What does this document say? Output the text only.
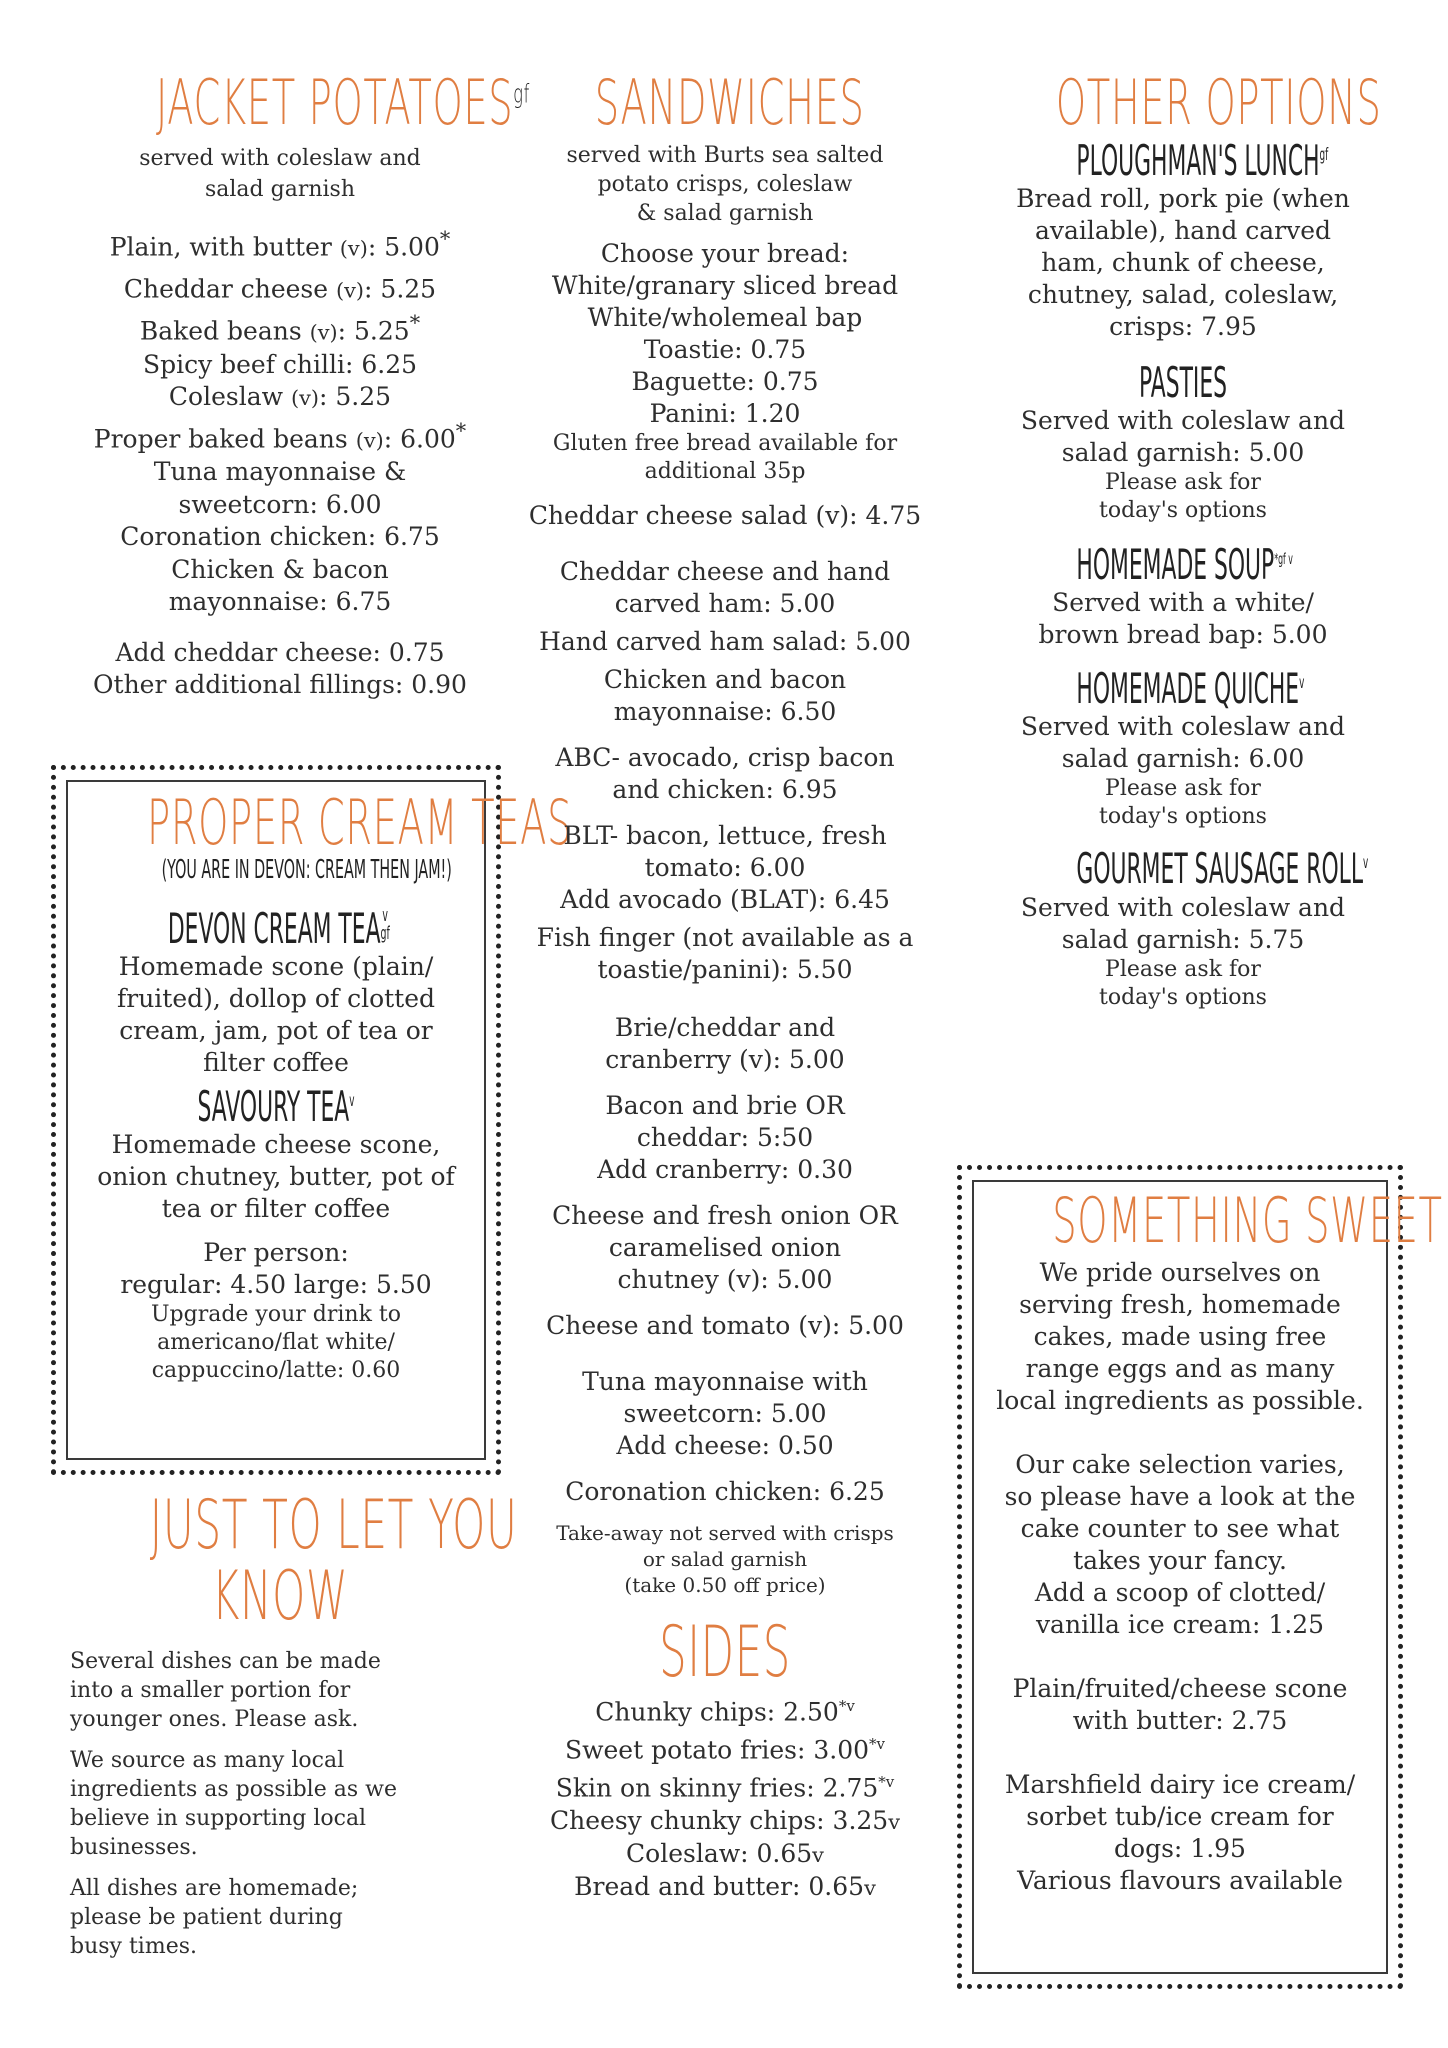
JACKET $POTATOES^{gf}$
served with coleslaw and
salad garnish
Plain, with butter (v): 5.00*
Cheddar cheese (v): 5.25
Baked beans (v): 5.25*
Spicy beef chilli: 6.25
Coleslaw (v): 5.25
Proper baked beans (v): 6.00*
Tuna mayonnaise &
sweetcorn: 6.00
Coronation chicken: 6.75
Chicken & bacon
mayonnaise: 6.75
Add cheddar cheese: 0.75
Other additional fillings: 0.90
PROPER CREAM TEAS
(YOU ARE IN DEVON: CREAM THEN JAM!)
DEVON CREAM TEA v
gf
Homemade scone (plain/
fruited), dollop of clotted
cream, jam, pot of tea or
filter coffee
SAVOURY TEA$^v$
Homemade cheese scone,
onion chutney, butter, pot of
tea or filter coffee
Per person:
regular: 4.50 large: 5.50
Upgrade your drink to
americano/flat white/
cappuccino/latte: 0.60
JUST TO LET YOU
KNOW
Several dishes can be made
into a smaller portion for
younger ones. Please ask.
We source as many local
ingredients as possible as we
believe in supporting local
businesses.
All dishes are homemade;
please be patient during
busy times.
SANDWICHES
served with Burts sea salted
potato crisps, coleslaw
& salad garnish
Choose your bread:
White/granary sliced bread
White/wholemeal bap
Toastie: 0.75
Baguette: 0.75
Panini: 1.20
Gluten free bread available for
additional 35p
Cheddar cheese salad (v): 4.75
Cheddar cheese and hand
carved ham: 5.00
Hand carved ham salad: 5.00
Chicken and bacon
mayonnaise: 6.50
ABC- avocado, crisp bacon
and chicken: 6.95
BLT- bacon, lettuce, fresh
tomato: 6.00
Add avocado (BLAT): 6.45
Fish finger (not available as a
toastie/panini): 5.50
Brie/cheddar and
cranberry (v): 5.00
Bacon and brie OR
cheddar: 5:50
Add cranberry: 0.30
Cheese and fresh onion OR
caramelised onion
chutney (v): 5.00
Cheese and tomato (v): 5.00
Tuna mayonnaise with
sweetcorn: 5.00
Add cheese: 0.50
Coronation chicken: 6.25
Take-away not served with crisps
or salad garnish
(take 0.50 off price)
SIDES
Chunky chips: 2.50$^{*v}$
Sweet potato fries: 3.00$^{*v}$
Skin on skinny fries: 2.75$^{*v}$
Cheesy chunky chips: 3.25v
Coleslaw: 0.65v
Bread and butter: 0.65v
OTHER OPTIONS
PLOUGHMAN'S $LUNCH^{gf}$
Bread roll, pork pie (when
available), hand carved
ham, chunk of cheese,
chutney, salad, coleslaw,
crisps: 7.95
PASTIES
Served with coleslaw and
salad garnish: 5.00
Please ask for
today's options
HOMEMADE $SOUP^{*gf v}$
Served with a white/
brown bread bap: 5.00
HOMEMADE QUICHE$^v$
Served with coleslaw and
salad garnish: 6.00
Please ask for
today's options
GOURMET SAUSAGE ROLL$^v$
Served with coleslaw and
salad garnish: 5.75
Please ask for
today's options
SOMETHING SWEET
We pride ourselves on
serving fresh, homemade
cakes, made using free
range eggs and as many
local ingredients as possible.
Our cake selection varies,
so please have a look at the
cake counter to see what
takes your fancy.
Add a scoop of clotted/
vanilla ice cream: 1.25
Plain/fruited/cheese scone
with butter: 2.75
Marshfield dairy ice cream/
sorbet tub/ice cream for
dogs: 1.95
Various flavours available
